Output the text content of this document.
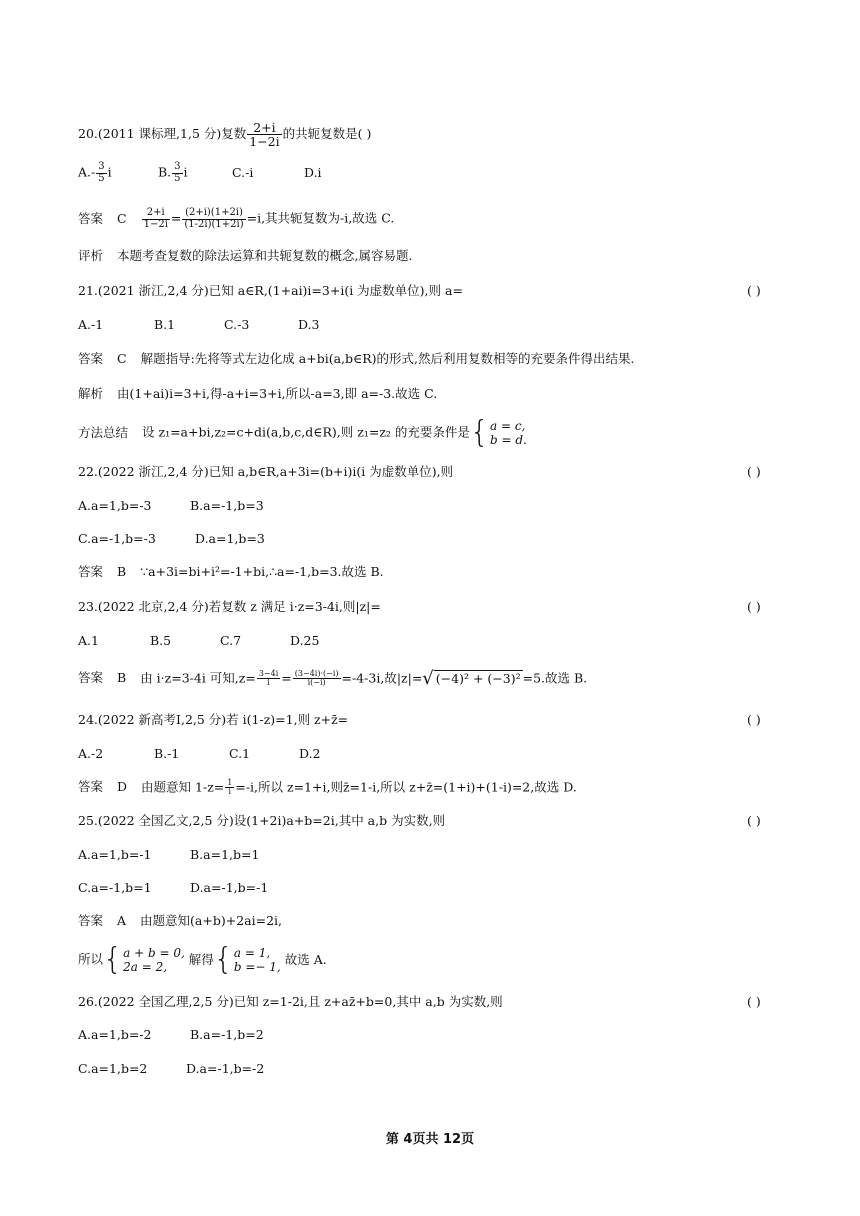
20.(2011 课标理,1,5 分)复数 $\frac{2+i}{1-2i}$ 的共轭复数是( )
$A.- \frac{3}{5}$ i	B. $\frac{3}{5}$ i	C.-i	D.i
答案 C $\frac{2+i}{1-2i} = \frac{(2+i)(1+2i)}{(1-2i)(1+2i)} =i$,其共轭复数为-i,故选 C.
评析 本题考查复数的除法运算和共轭复数的概念,属容易题.
21.(2021 浙江,2,4 分)已知 a∈R,(1+ai)i=3+i(i 为虚数单位),则 a=	( )
A.-1	B.1	C.-3	D.3
答案 C 解题指导:先将等式左边化成 a+bi(a,b∈R)的形式,然后利用复数相等的充要条件得出结果.
解析 由(1+ai)i=3+i,得-a+i=3+i,所以-a=3,即 a=-3.故选 C.
方法总结 设 z₁=a+bi,z₂=c+di(a,b,c,d∈R),则 z₁=z₂ 的充要条件是 { a = c,
b = d.
22.(2022 浙江,2,4 分)已知 a,b∈R,a+3i=(b+i)i(i 为虚数单位),则	( )
A.a=1,b=-3	B.a=-1,b=3
C.a=-1,b=-3	D.a=1,b=3
答案 B ∵a+3i=bi+i²=-1+bi,∴a=-1,b=3.故选 B.
23.(2022 北京,2,4 分)若复数 z 满足 i·z=3-4i,则|z|=	( )
A.1	B.5	C.7	D.25
答案 B 由 i·z=3-4i 可知$,z= \frac{3-4i}{i} = \frac{(3-4i)\cdot(-i)}{i(-i)} =-4-3i$,故|z|= √ (−4)² + (−3)² =5.故选 B.
24.(2022 新高考Ⅰ,2,5 分)若 i(1-z)=1,则 z+z̄=	( )
A.-2	B.-1	C.1	D.2
答案 D 由题意知 $1-z= \frac{1}{i} =-i$,所以 z=1+i,则z̄=1-i,所以 z+z̄=(1+i)+(1-i)=2,故选 D.
25.(2022 全国乙文,2,5 分)设(1+2i)a+b=2i,其中 a,b 为实数,则	( )
A.a=1,b=-1	B.a=1,b=1
C.a=-1,b=1	D.a=-1,b=-1
答案 A 由题意知(a+b)+2ai=2i,
所以 { a + b = 0,
2a = 2,
解得 { a = 1,
b =− 1,
故选 A.
26.(2022 全国乙理,2,5 分)已知 z=1-2i,且 z+az̄+b=0,其中 a,b 为实数,则	( )
A.a=1,b=-2	B.a=-1,b=2
C.a=1,b=2	D.a=-1,b=-2
第 4页共 12页
